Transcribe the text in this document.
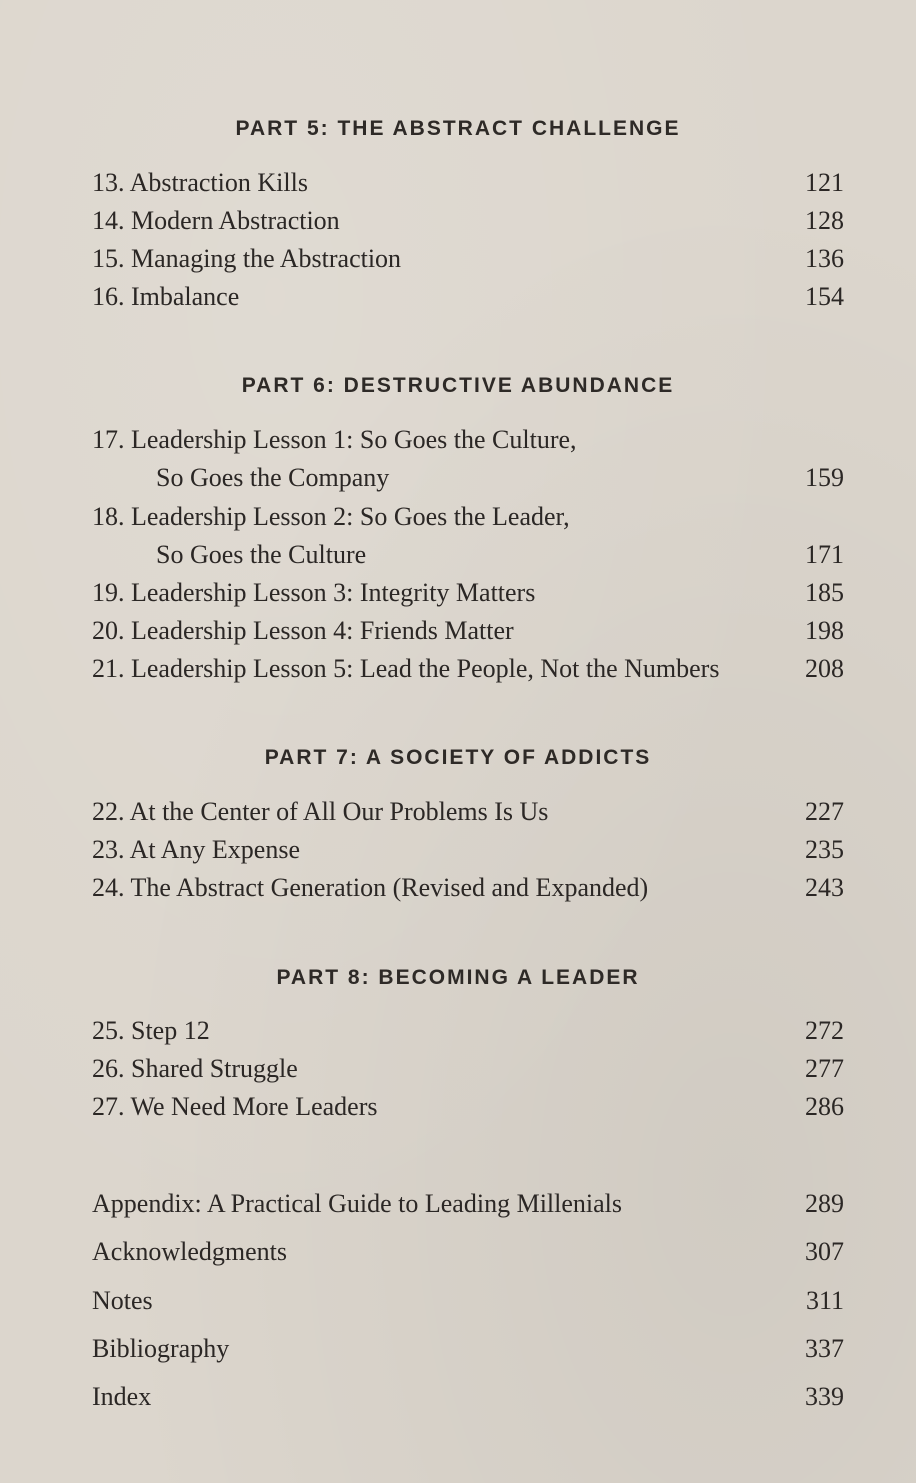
PART 5: THE ABSTRACT CHALLENGE
13. Abstraction Kills	121
14. Modern Abstraction	128
15. Managing the Abstraction	136
16. Imbalance	154
PART 6: DESTRUCTIVE ABUNDANCE
17. Leadership Lesson 1: So Goes the Culture,
So Goes the Company	159
18. Leadership Lesson 2: So Goes the Leader,
So Goes the Culture	171
19. Leadership Lesson 3: Integrity Matters	185
20. Leadership Lesson 4: Friends Matter	198
21. Leadership Lesson 5: Lead the People, Not the Numbers	208
PART 7: A SOCIETY OF ADDICTS
22. At the Center of All Our Problems Is Us	227
23. At Any Expense	235
24. The Abstract Generation (Revised and Expanded)	243
PART 8: BECOMING A LEADER
25. Step 12	272
26. Shared Struggle	277
27. We Need More Leaders	286
Appendix: A Practical Guide to Leading Millenials	289
Acknowledgments	307
Notes	311
Bibliography	337
Index	339
